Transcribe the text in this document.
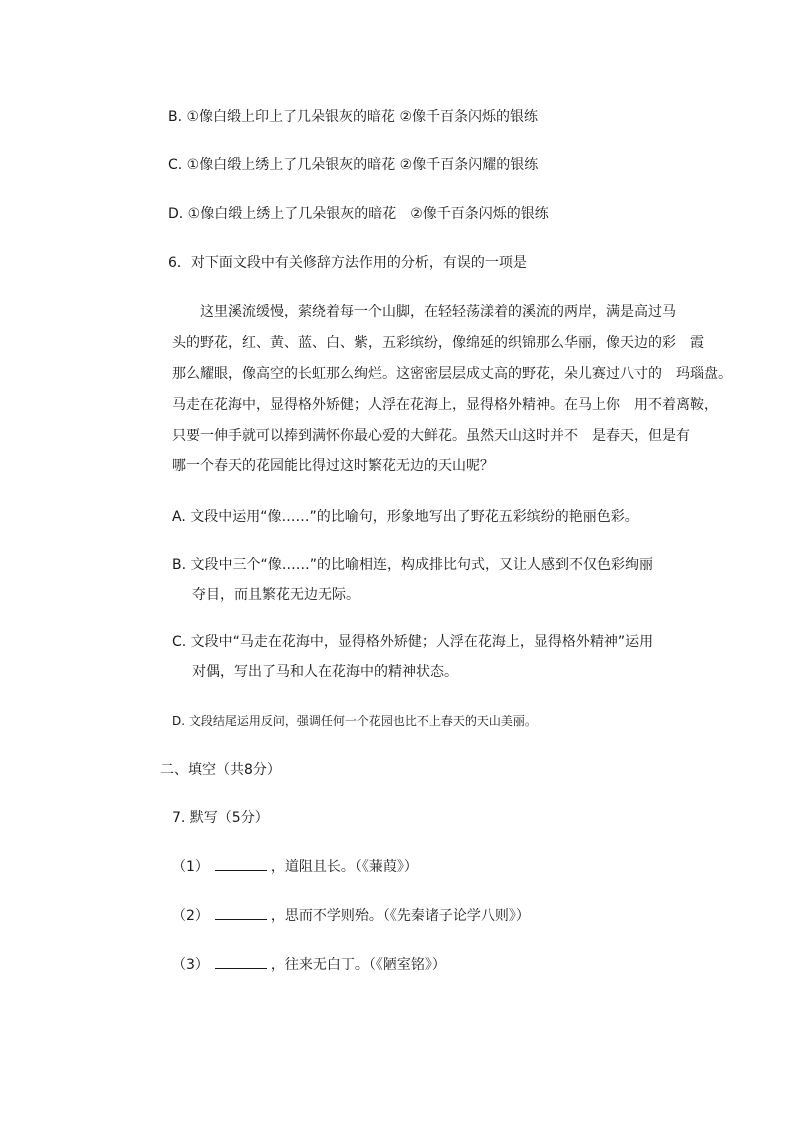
B. ①像白缎上印上了几朵银灰的暗花 ②像千百条闪烁的银练
C. ①像白缎上绣上了几朵银灰的暗花 ②像千百条闪耀的银练
D. ①像白缎上绣上了几朵银灰的暗花　②像千百条闪烁的银练
6．对下面文段中有关修辞方法作用的分析，有误的一项是
这里溪流缓慢，萦绕着每一个山脚，在轻轻荡漾着的溪流的两岸，满是高过马
头的野花，红、黄、蓝、白、紫，五彩缤纷，像绵延的织锦那么华丽，像天边的彩　霞
那么耀眼，像高空的长虹那么绚烂。这密密层层成丈高的野花，朵儿赛过八寸的　玛瑙盘。
马走在花海中，显得格外矫健；人浮在花海上，显得格外精神。在马上你　用不着离鞍，
只要一伸手就可以捧到满怀你最心爱的大鲜花。虽然天山这时并不　是春天，但是有
哪一个春天的花园能比得过这时繁花无边的天山呢？
A. 文段中运用“像……”的比喻句，形象地写出了野花五彩缤纷的艳丽色彩。
B. 文段中三个“像……”的比喻相连，构成排比句式，又让人感到不仅色彩绚丽
夺目，而且繁花无边无际。
C. 文段中“马走在花海中，显得格外矫健；人浮在花海上，显得格外精神”运用
对偶，写出了马和人在花海中的精神状态。
D. 文段结尾运用反问，强调任何一个花园也比不上春天的天山美丽。
二、填空（共8分）
7. 默写（5分）
（1）	，道阻且长。（《蒹葭》）
（2）	，思而不学则殆。（《先秦诸子论学八则》）
（3）	，往来无白丁。（《陋室铭》）
